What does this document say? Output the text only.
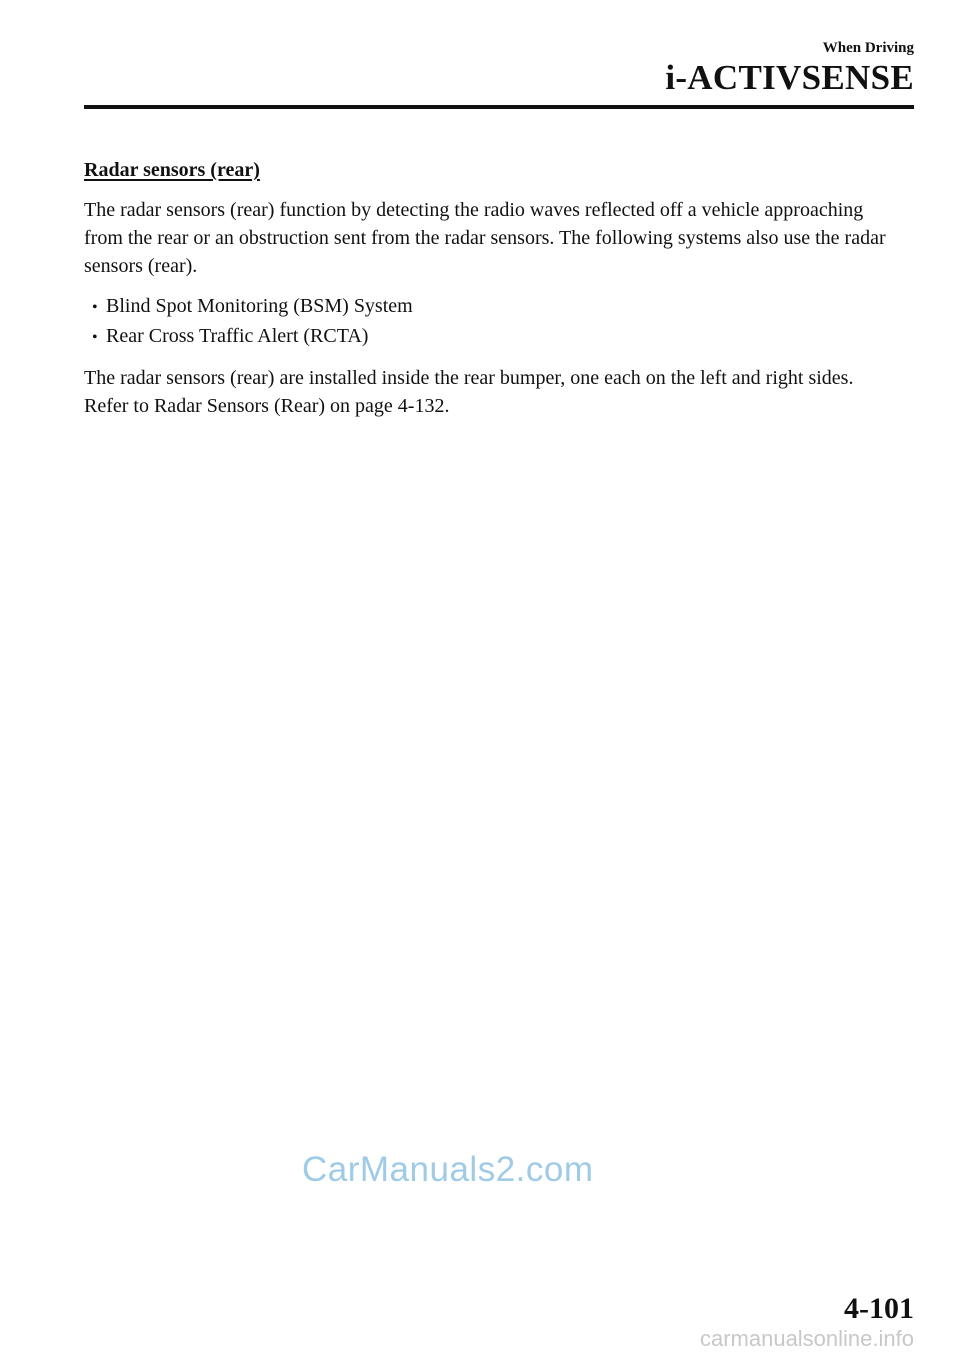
When Driving
i-ACTIVSENSE
Radar sensors (rear)

The radar sensors (rear) function by detecting the radio waves reflected off a vehicle approaching from the rear or an obstruction sent from the radar sensors. The following systems also use the radar sensors (rear).

• Blind Spot Monitoring (BSM) System
• Rear Cross Traffic Alert (RCTA)
The radar sensors (rear) are installed inside the rear bumper, one each on the left and right sides.
Refer to Radar Sensors (Rear) on page 4-132.
CarManuals2.com
4-101
carmanualsonline.info
